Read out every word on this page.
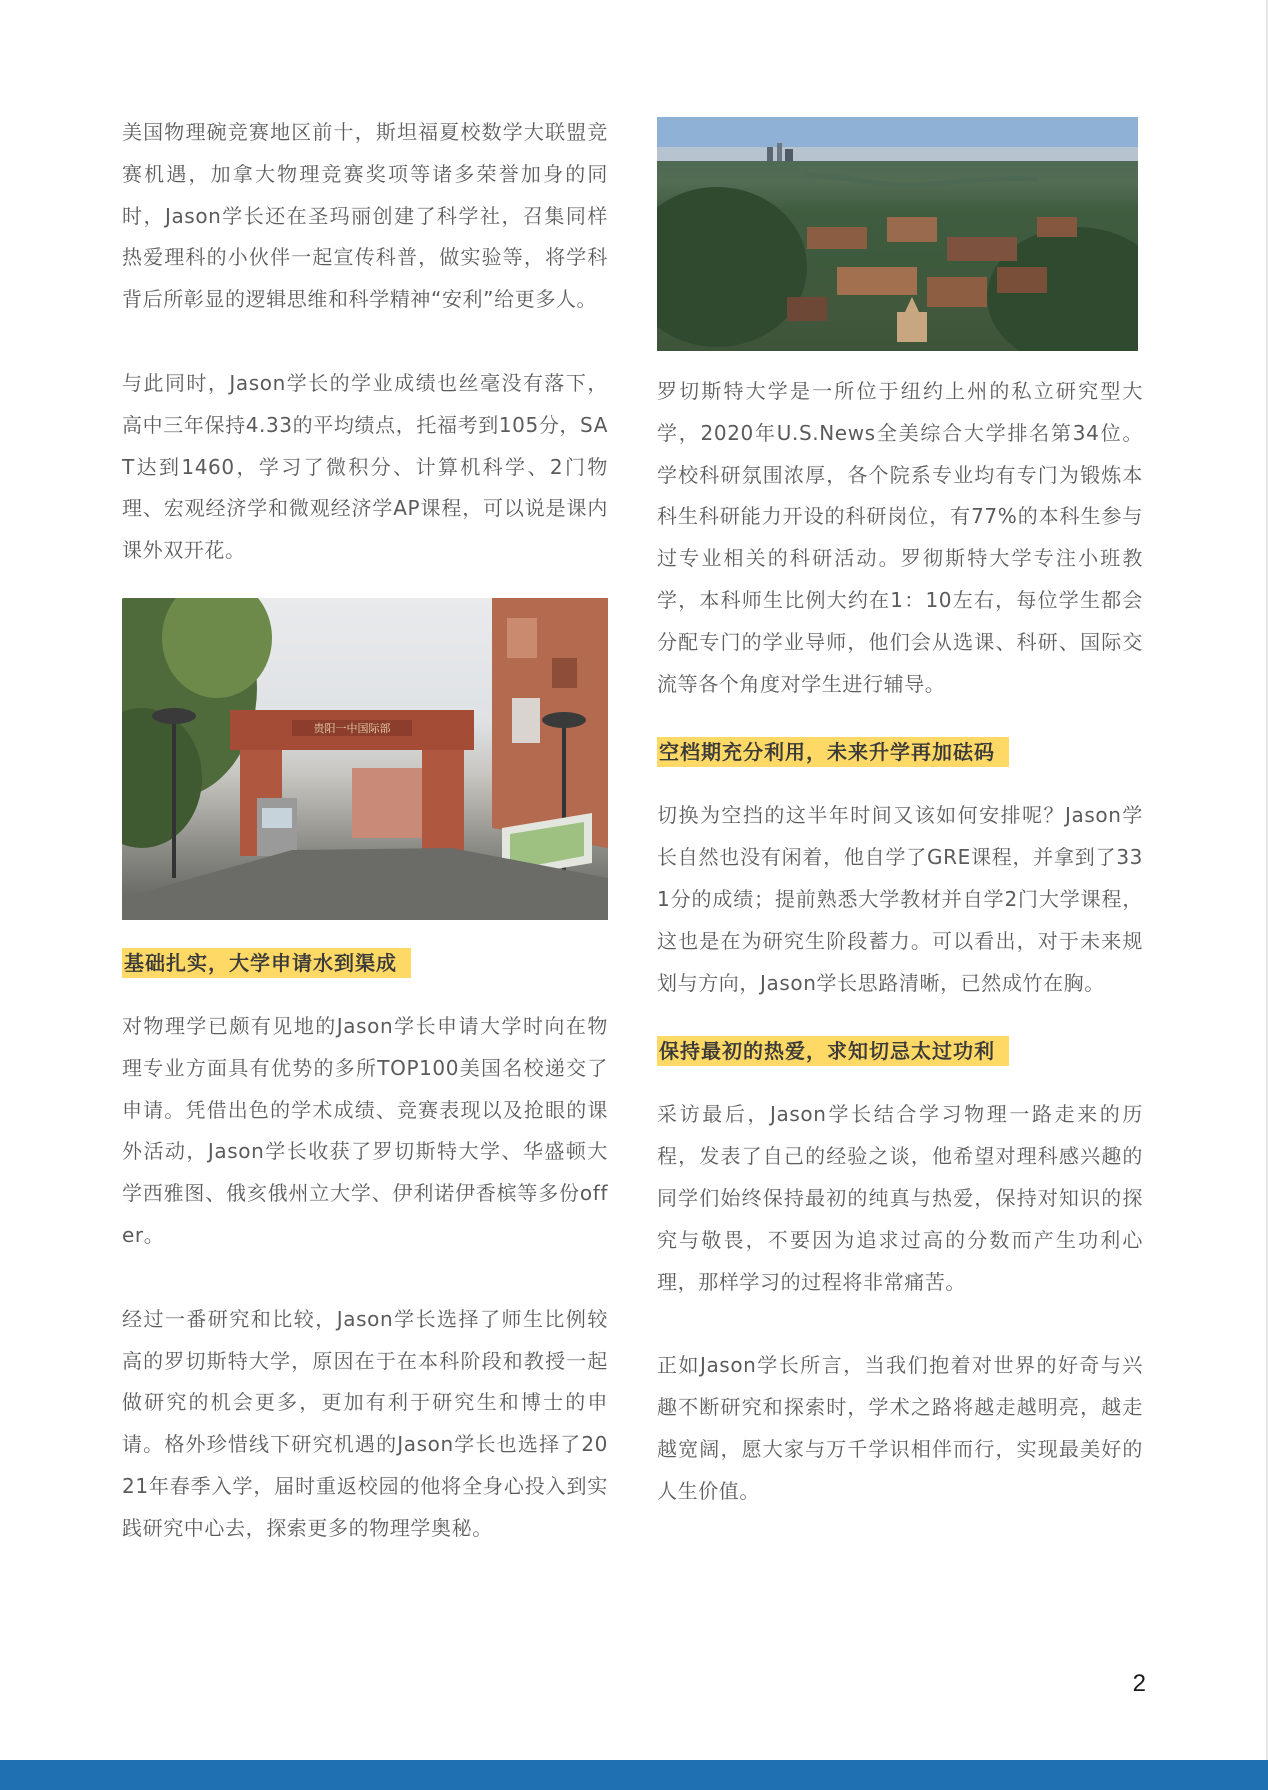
美国物理碗竞赛地区前十，斯坦福夏校数学大联盟竞赛机遇，加拿大物理竞赛奖项等诸多荣誉加身的同时，Jason学长还在圣玛丽创建了科学社，召集同样热爱理科的小伙伴一起宣传科普，做实验等，将学科背后所彰显的逻辑思维和科学精神“安利”给更多人。

与此同时，Jason学长的学业成绩也丝毫没有落下，高中三年保持4.33的平均绩点，托福考到105分，SAT达到1460，学习了微积分、计算机科学、2门物理、宏观经济学和微观经济学AP课程，可以说是课内课外双开花。

贵阳一中国际部
基础扎实，大学申请水到渠成

对物理学已颇有见地的Jason学长申请大学时向在物理专业方面具有优势的多所TOP100美国名校递交了申请。凭借出色的学术成绩、竞赛表现以及抢眼的课外活动，Jason学长收获了罗切斯特大学、华盛顿大学西雅图、俄亥俄州立大学、伊利诺伊香槟等多份offer。

经过一番研究和比较，Jason学长选择了师生比例较高的罗切斯特大学，原因在于在本科阶段和教授一起做研究的机会更多，更加有利于研究生和博士的申请。格外珍惜线下研究机遇的Jason学长也选择了2021年春季入学，届时重返校园的他将全身心投入到实践研究中心去，探索更多的物理学奥秘。

罗切斯特大学是一所位于纽约上州的私立研究型大学，2020年U.S.News全美综合大学排名第34位。学校科研氛围浓厚，各个院系专业均有专门为锻炼本科生科研能力开设的科研岗位，有77%的本科生参与过专业相关的科研活动。罗彻斯特大学专注小班教学，本科师生比例大约在1：10左右，每位学生都会分配专门的学业导师，他们会从选课、科研、国际交流等各个角度对学生进行辅导。

空档期充分利用，未来升学再加砝码

切换为空挡的这半年时间又该如何安排呢？Jason学长自然也没有闲着，他自学了GRE课程，并拿到了331分的成绩；提前熟悉大学教材并自学2门大学课程，这也是在为研究生阶段蓄力。可以看出，对于未来规划与方向，Jason学长思路清晰，已然成竹在胸。

保持最初的热爱，求知切忌太过功利

采访最后，Jason学长结合学习物理一路走来的历程，发表了自己的经验之谈，他希望对理科感兴趣的同学们始终保持最初的纯真与热爱，保持对知识的探究与敬畏，不要因为追求过高的分数而产生功利心理，那样学习的过程将非常痛苦。

正如Jason学长所言，当我们抱着对世界的好奇与兴趣不断研究和探索时，学术之路将越走越明亮，越走越宽阔，愿大家与万千学识相伴而行，实现最美好的人生价值。

2
